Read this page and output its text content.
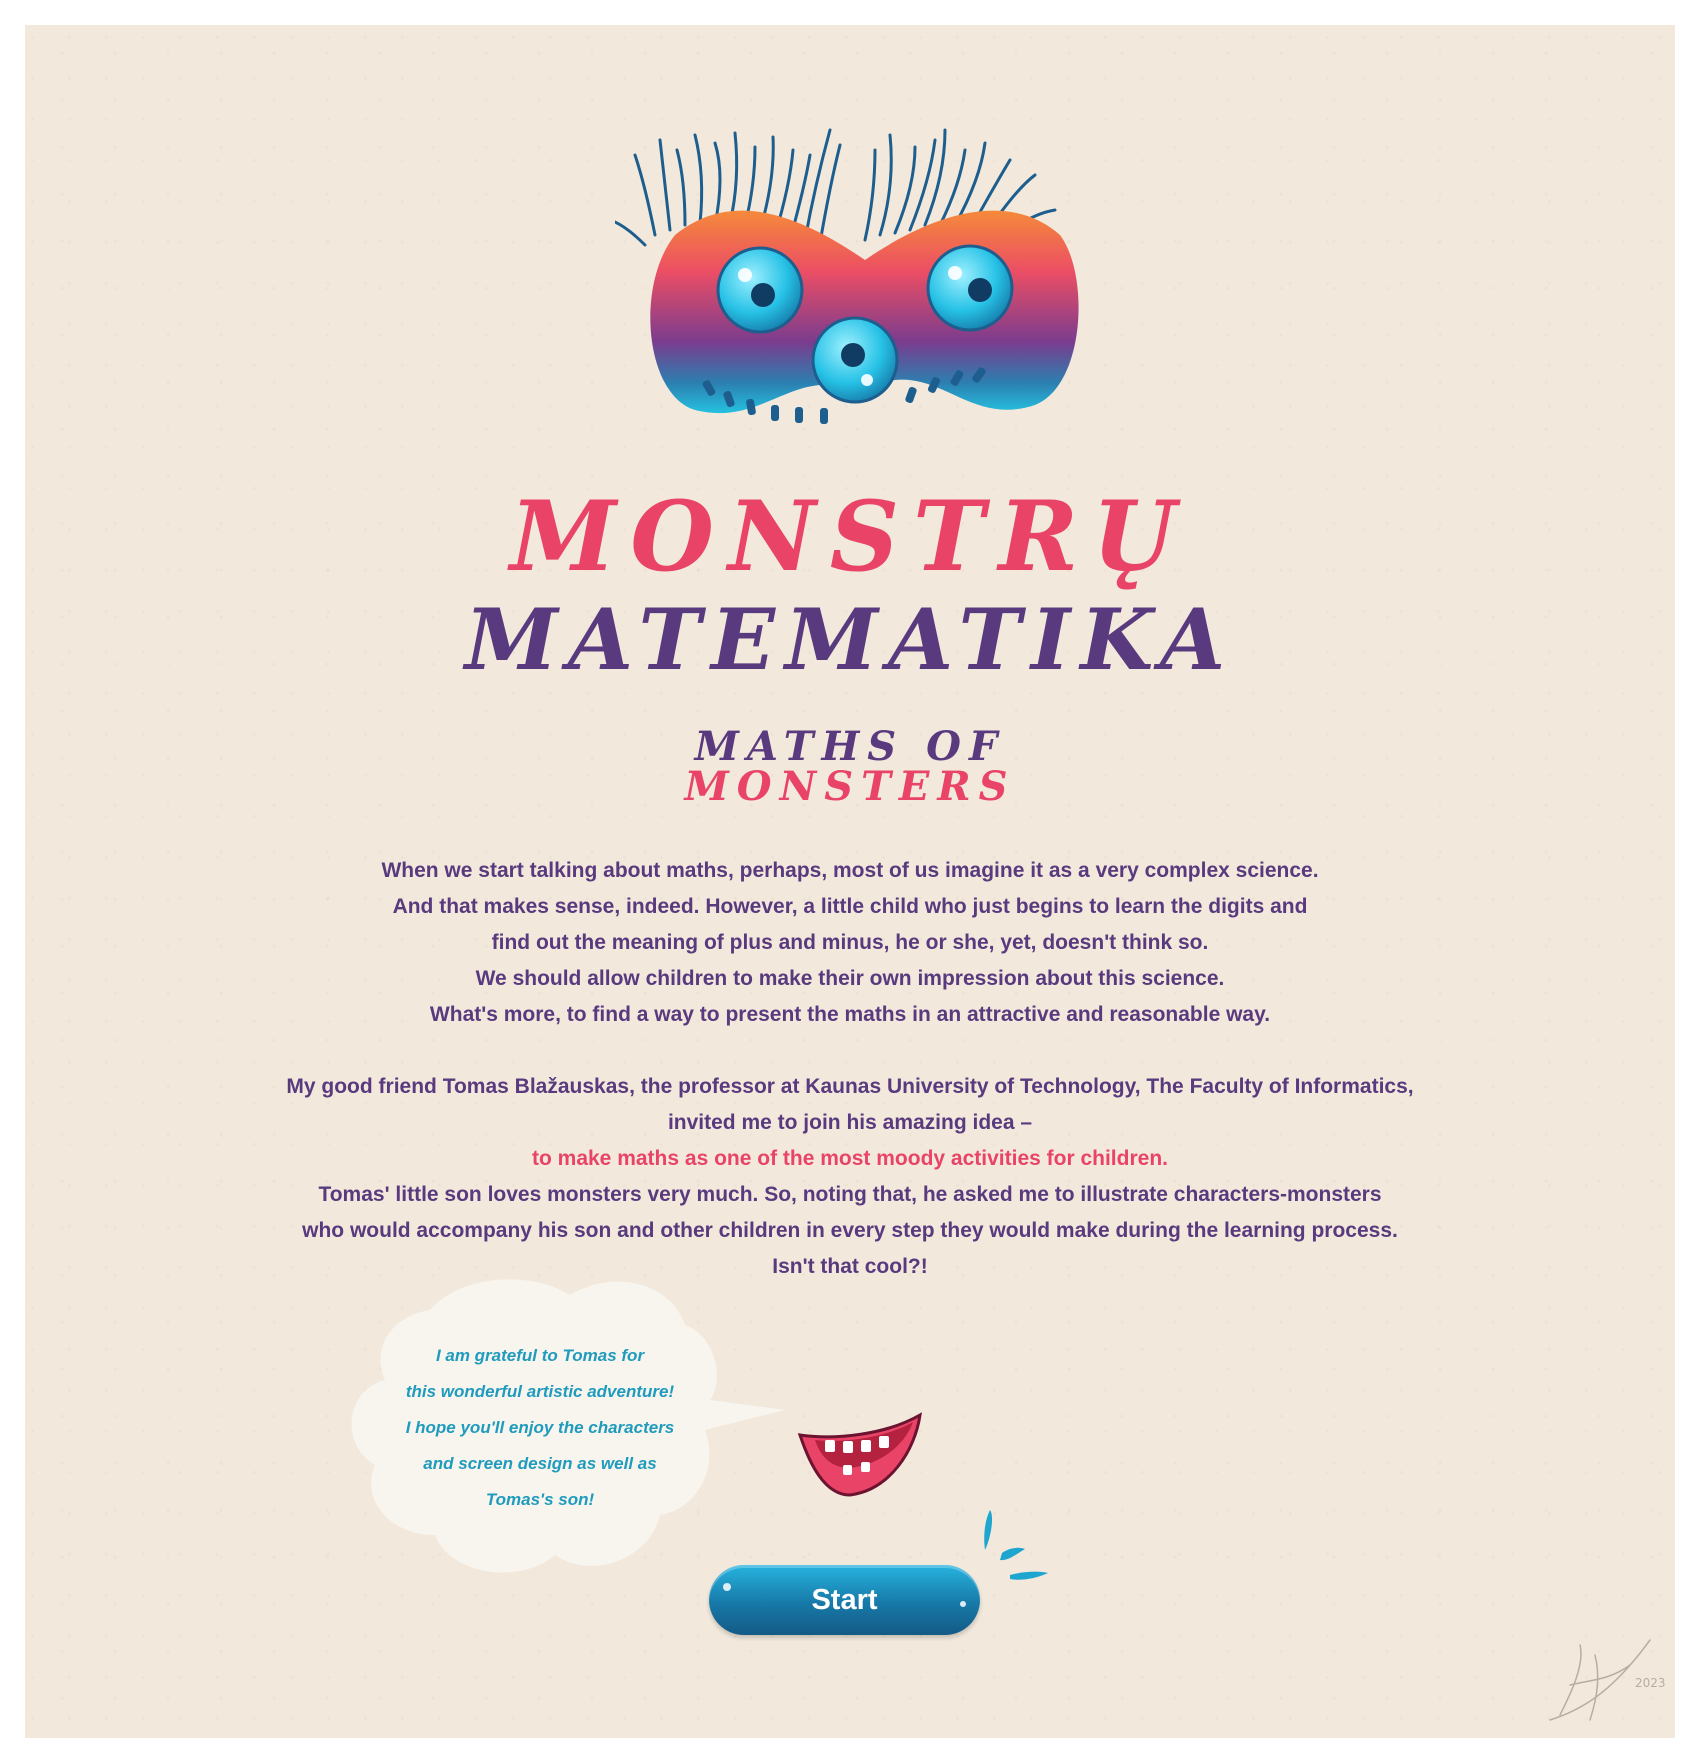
MONSTRŲ
MATEMATIKA
MATHS OF
MONSTERS
When we start talking about maths, perhaps, most of us imagine it as a very complex science.
And that makes sense, indeed. However, a little child who just begins to learn the digits and
find out the meaning of plus and minus, he or she, yet, doesn't think so.
We should allow children to make their own impression about this science.
What's more, to find a way to present the maths in an attractive and reasonable way.
My good friend Tomas Blažauskas, the professor at Kaunas University of Technology, The Faculty of Informatics,
invited me to join his amazing idea –
to make maths as one of the most moody activities for children.
Tomas' little son loves monsters very much. So, noting that, he asked me to illustrate characters-monsters
who would accompany his son and other children in every step they would make during the learning process.
Isn't that cool?!
I am grateful to Tomas for
this wonderful artistic adventure!
I hope you'll enjoy the characters
and screen design as well as
Tomas's son!
Start
2023
